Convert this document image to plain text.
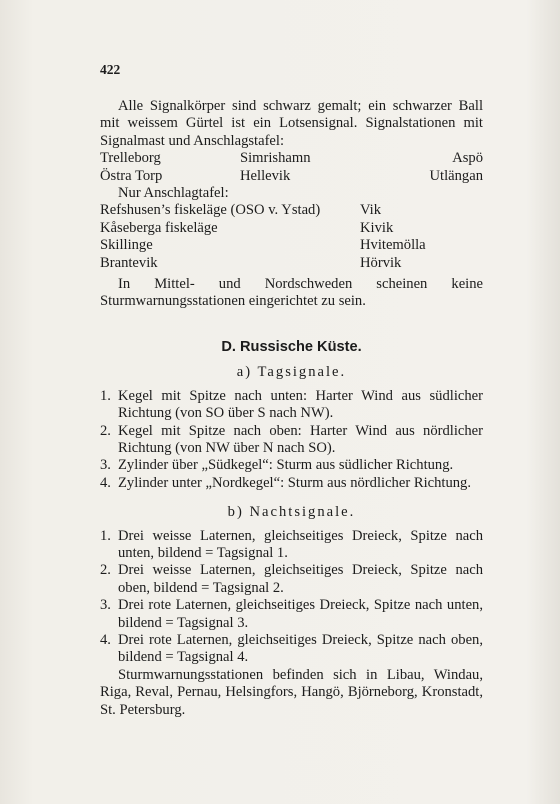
422
Alle Signalkörper sind schwarz gemalt; ein schwarzer Ball mit weissem Gürtel ist ein Lotsensignal. Signalstationen mit Signalmast und Anschlagstafel:
Trelleborg	Simrishamn	Aspö
Östra Torp	Hellevik	Utlängan
Nur Anschlagtafel:
Refshusen’s fiskeläge (OSO v. Ystad)	Vik
Kåseberga fiskeläge	Kivik
Skillinge	Hvitemölla
Brantevik	Hörvik
In Mittel- und Nordschweden scheinen keine Sturmwarnungsstationen eingerichtet zu sein.
D. Russische Küste.
a) Tagsignale.
1. Kegel mit Spitze nach unten: Harter Wind aus südlicher Richtung (von SO über S nach NW).
2. Kegel mit Spitze nach oben: Harter Wind aus nördlicher Richtung (von NW über N nach SO).
3. Zylinder über „Südkegel“: Sturm aus südlicher Richtung.
4. Zylinder unter „Nordkegel“: Sturm aus nördlicher Richtung.
b) Nachtsignale.
1. Drei weisse Laternen, gleichseitiges Dreieck, Spitze nach unten, bildend = Tagsignal 1.
2. Drei weisse Laternen, gleichseitiges Dreieck, Spitze nach oben, bildend = Tagsignal 2.
3. Drei rote Laternen, gleichseitiges Dreieck, Spitze nach unten, bildend = Tagsignal 3.
4. Drei rote Laternen, gleichseitiges Dreieck, Spitze nach oben, bildend = Tagsignal 4.
Sturmwarnungsstationen befinden sich in Libau, Windau, Riga, Reval, Pernau, Helsingfors, Hangö, Björneborg, Kronstadt, St. Petersburg.
